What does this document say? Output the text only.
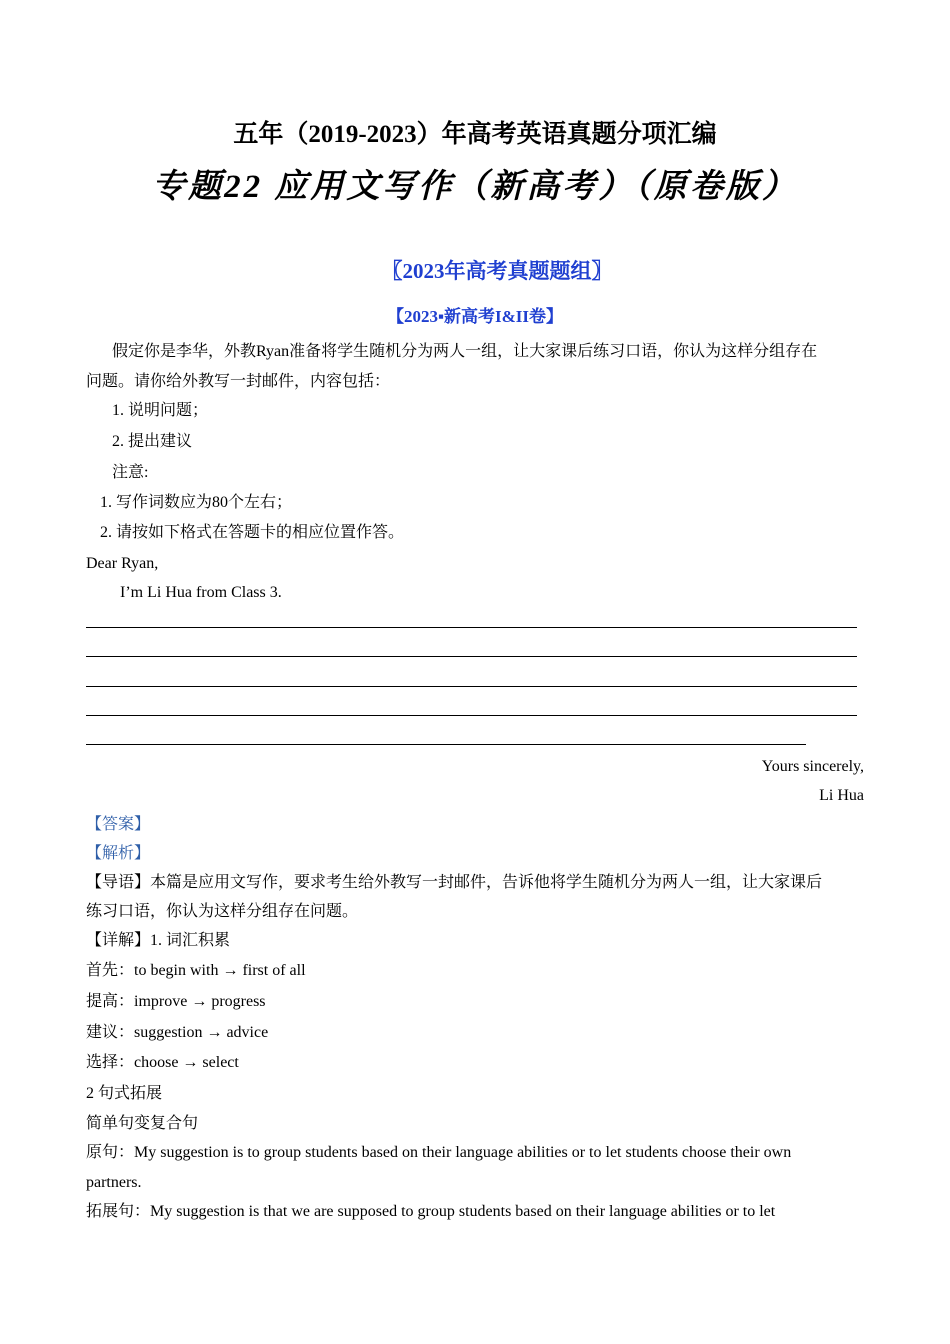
五年（2019-2023）年高考英语真题分项汇编
专题22 应用文写作（新高考）（原卷版）
〖2023年高考真题题组〗
【2023▪新高考I&II卷】
假定你是李华，外教Ryan准备将学生随机分为两人一组，让大家课后练习口语，你认为这样分组存在
问题。请你给外教写一封邮件，内容包括：
1. 说明问题；
2. 提出建议
注意:
1. 写作词数应为80个左右；
2. 请按如下格式在答题卡的相应位置作答。
Dear Ryan,
I’m Li Hua from Class 3.
Yours sincerely,
Li Hua
【答案】
【解析】
【导语】本篇是应用文写作，要求考生给外教写一封邮件，告诉他将学生随机分为两人一组，让大家课后
练习口语，你认为这样分组存在问题。
【详解】1. 词汇积累
首先：to begin with → first of all
提高：improve → progress
建议：suggestion → advice
选择：choose → select
2 句式拓展
简单句变复合句
原句：My suggestion is to group students based on their language abilities or to let students choose their own
partners.
拓展句：My suggestion is that we are supposed to group students based on their language abilities or to let
